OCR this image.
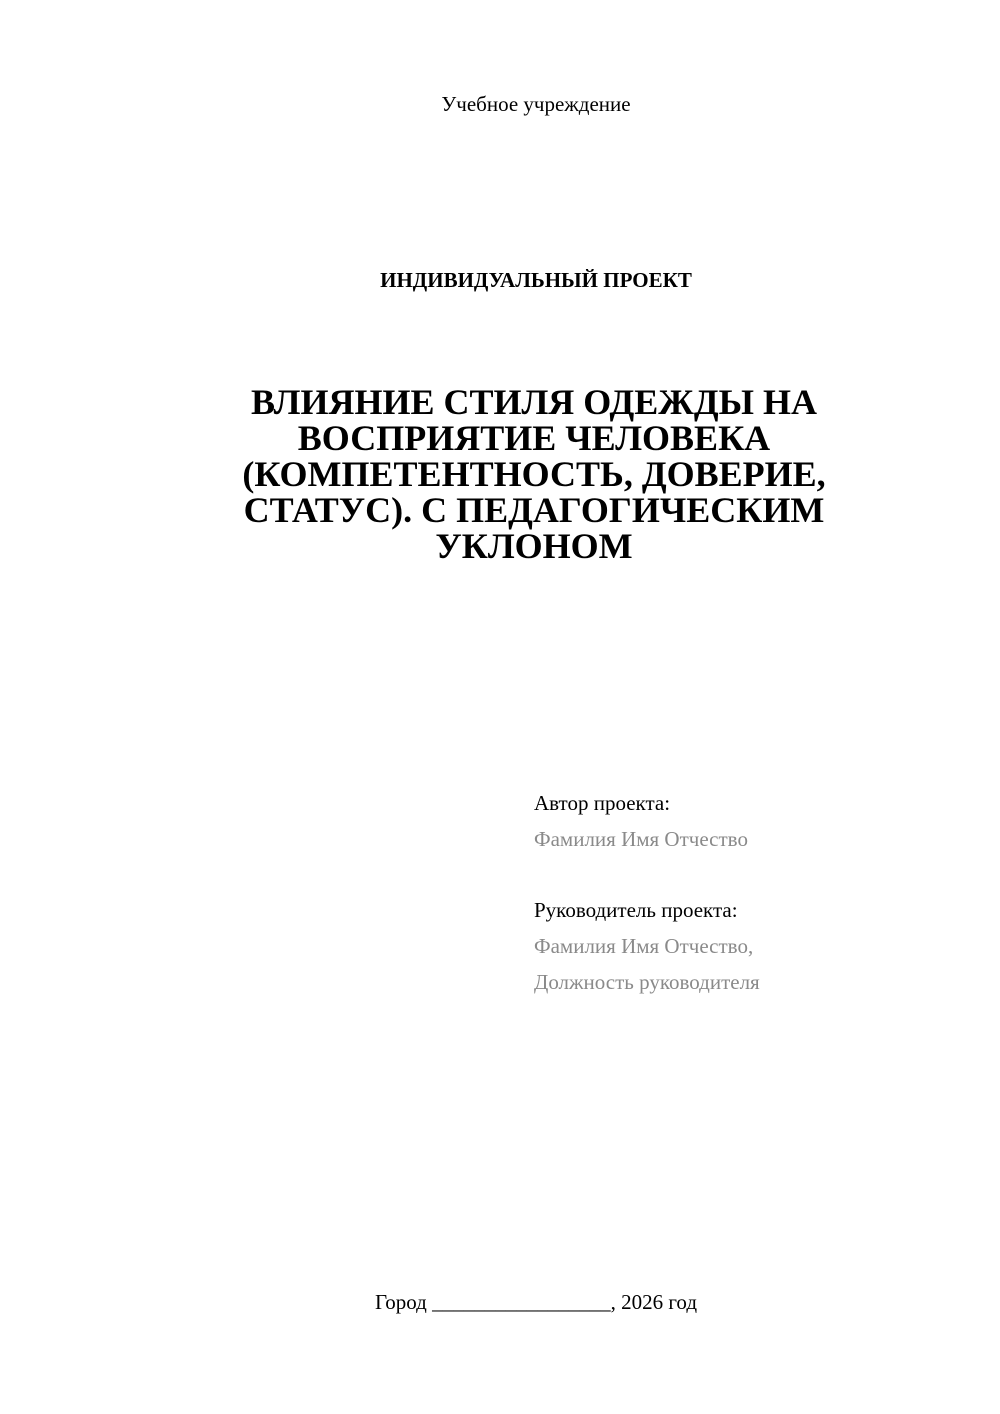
Учебное учреждение
ИНДИВИДУАЛЬНЫЙ ПРОЕКТ
ВЛИЯНИЕ СТИЛЯ ОДЕЖДЫ НА
ВОСПРИЯТИЕ ЧЕЛОВЕКА
(КОМПЕТЕНТНОСТЬ, ДОВЕРИЕ,
СТАТУС). С ПЕДАГОГИЧЕСКИМ
УКЛОНОМ
Автор проекта:
Фамилия Имя Отчество
Руководитель проекта:
Фамилия Имя Отчество,
Должность руководителя
Город _________________, 2026 год
